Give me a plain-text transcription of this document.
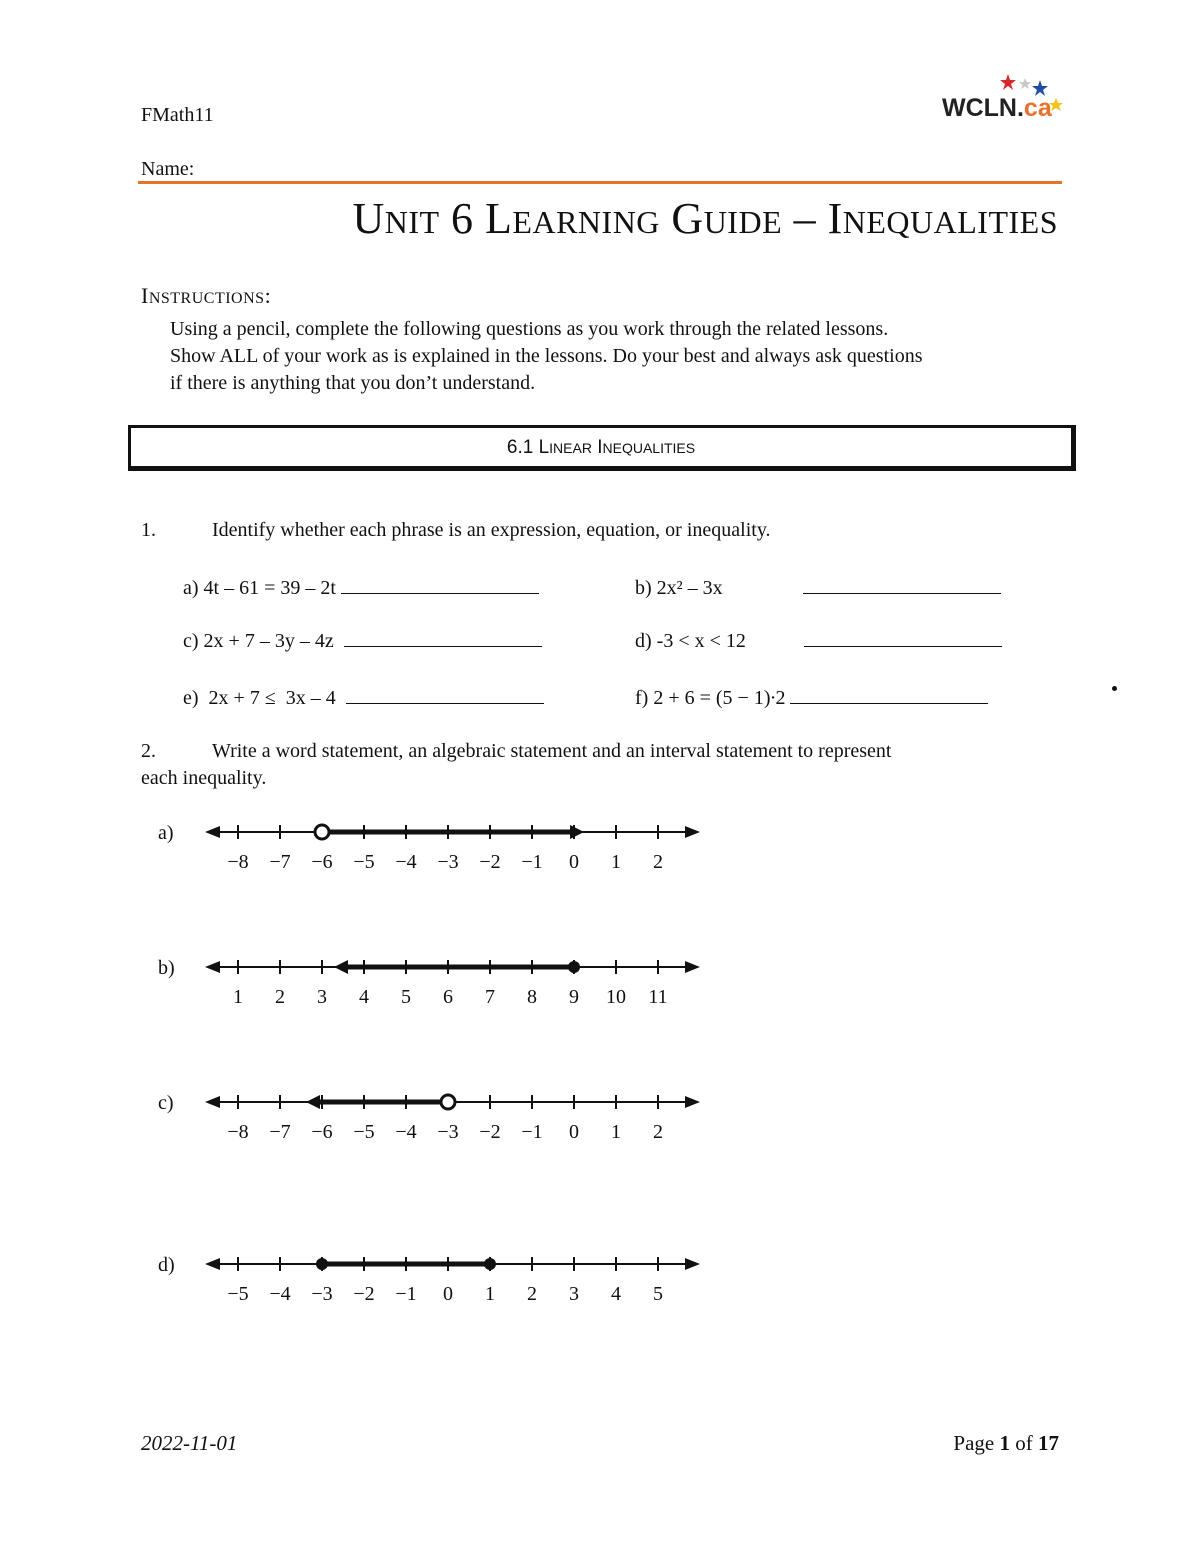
FMath11
Name:
WCLN.ca
UNIT 6 LEARNING GUIDE – INEQUALITIES
INSTRUCTIONS:
Using a pencil, complete the following questions as you work through the related lessons.
Show ALL of your work as is explained in the lessons. Do your best and always ask questions
if there is anything that you don’t understand.
6.1 LINEAR INEQUALITIES
1.	Identify whether each phrase is an expression, equation, or inequality.
a) 4t – 61 = 39 – 2t	b) 2x² – 3x
c) 2x + 7 – 3y – 4z	d) -3 < x < 12
e)  2x + 7 ≤  3x – 4	f) 2 + 6 = (5 − 1)∙2
2.	Write a word statement, an algebraic statement and an interval statement to represent
each inequality.
a)
−8 −7 −6 −5 −4 −3 −2 −1 0 1 2
b)
1 2 3 4 5 6 7 8 9 10 11
c)
−8 −7 −6 −5 −4 −3 −2 −1 0 1 2
d)
−5 −4 −3 −2 −1 0 1 2 3 4 5
2022-11-01	Page 1 of 17
